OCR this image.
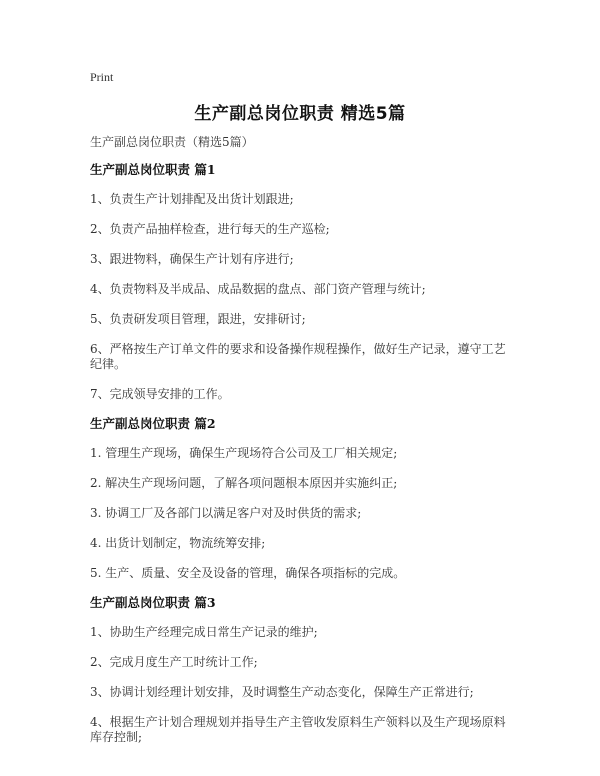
Print
生产副总岗位职责 精选5篇
生产副总岗位职责（精选5篇）
生产副总岗位职责 篇1
1、负责生产计划排配及出货计划跟进;
2、负责产品抽样检查，进行每天的生产巡检;
3、跟进物料，确保生产计划有序进行;
4、负责物料及半成品、成品数据的盘点、部门资产管理与统计;
5、负责研发项目管理，跟进，安排研讨;
6、严格按生产订单文件的要求和设备操作规程操作，做好生产记录，遵守工艺纪律。
7、完成领导安排的工作。
生产副总岗位职责 篇2
1. 管理生产现场，确保生产现场符合公司及工厂相关规定;
2. 解决生产现场问题，了解各项问题根本原因并实施纠正;
3. 协调工厂及各部门以满足客户对及时供货的需求;
4. 出货计划制定，物流统筹安排;
5. 生产、质量、安全及设备的管理，确保各项指标的完成。
生产副总岗位职责 篇3
1、协助生产经理完成日常生产记录的维护;
2、完成月度生产工时统计工作;
3、协调计划经理计划安排，及时调整生产动态变化，保障生产正常进行;
4、根据生产计划合理规划并指导生产主管收发原料生产领料以及生产现场原料库存控制;
